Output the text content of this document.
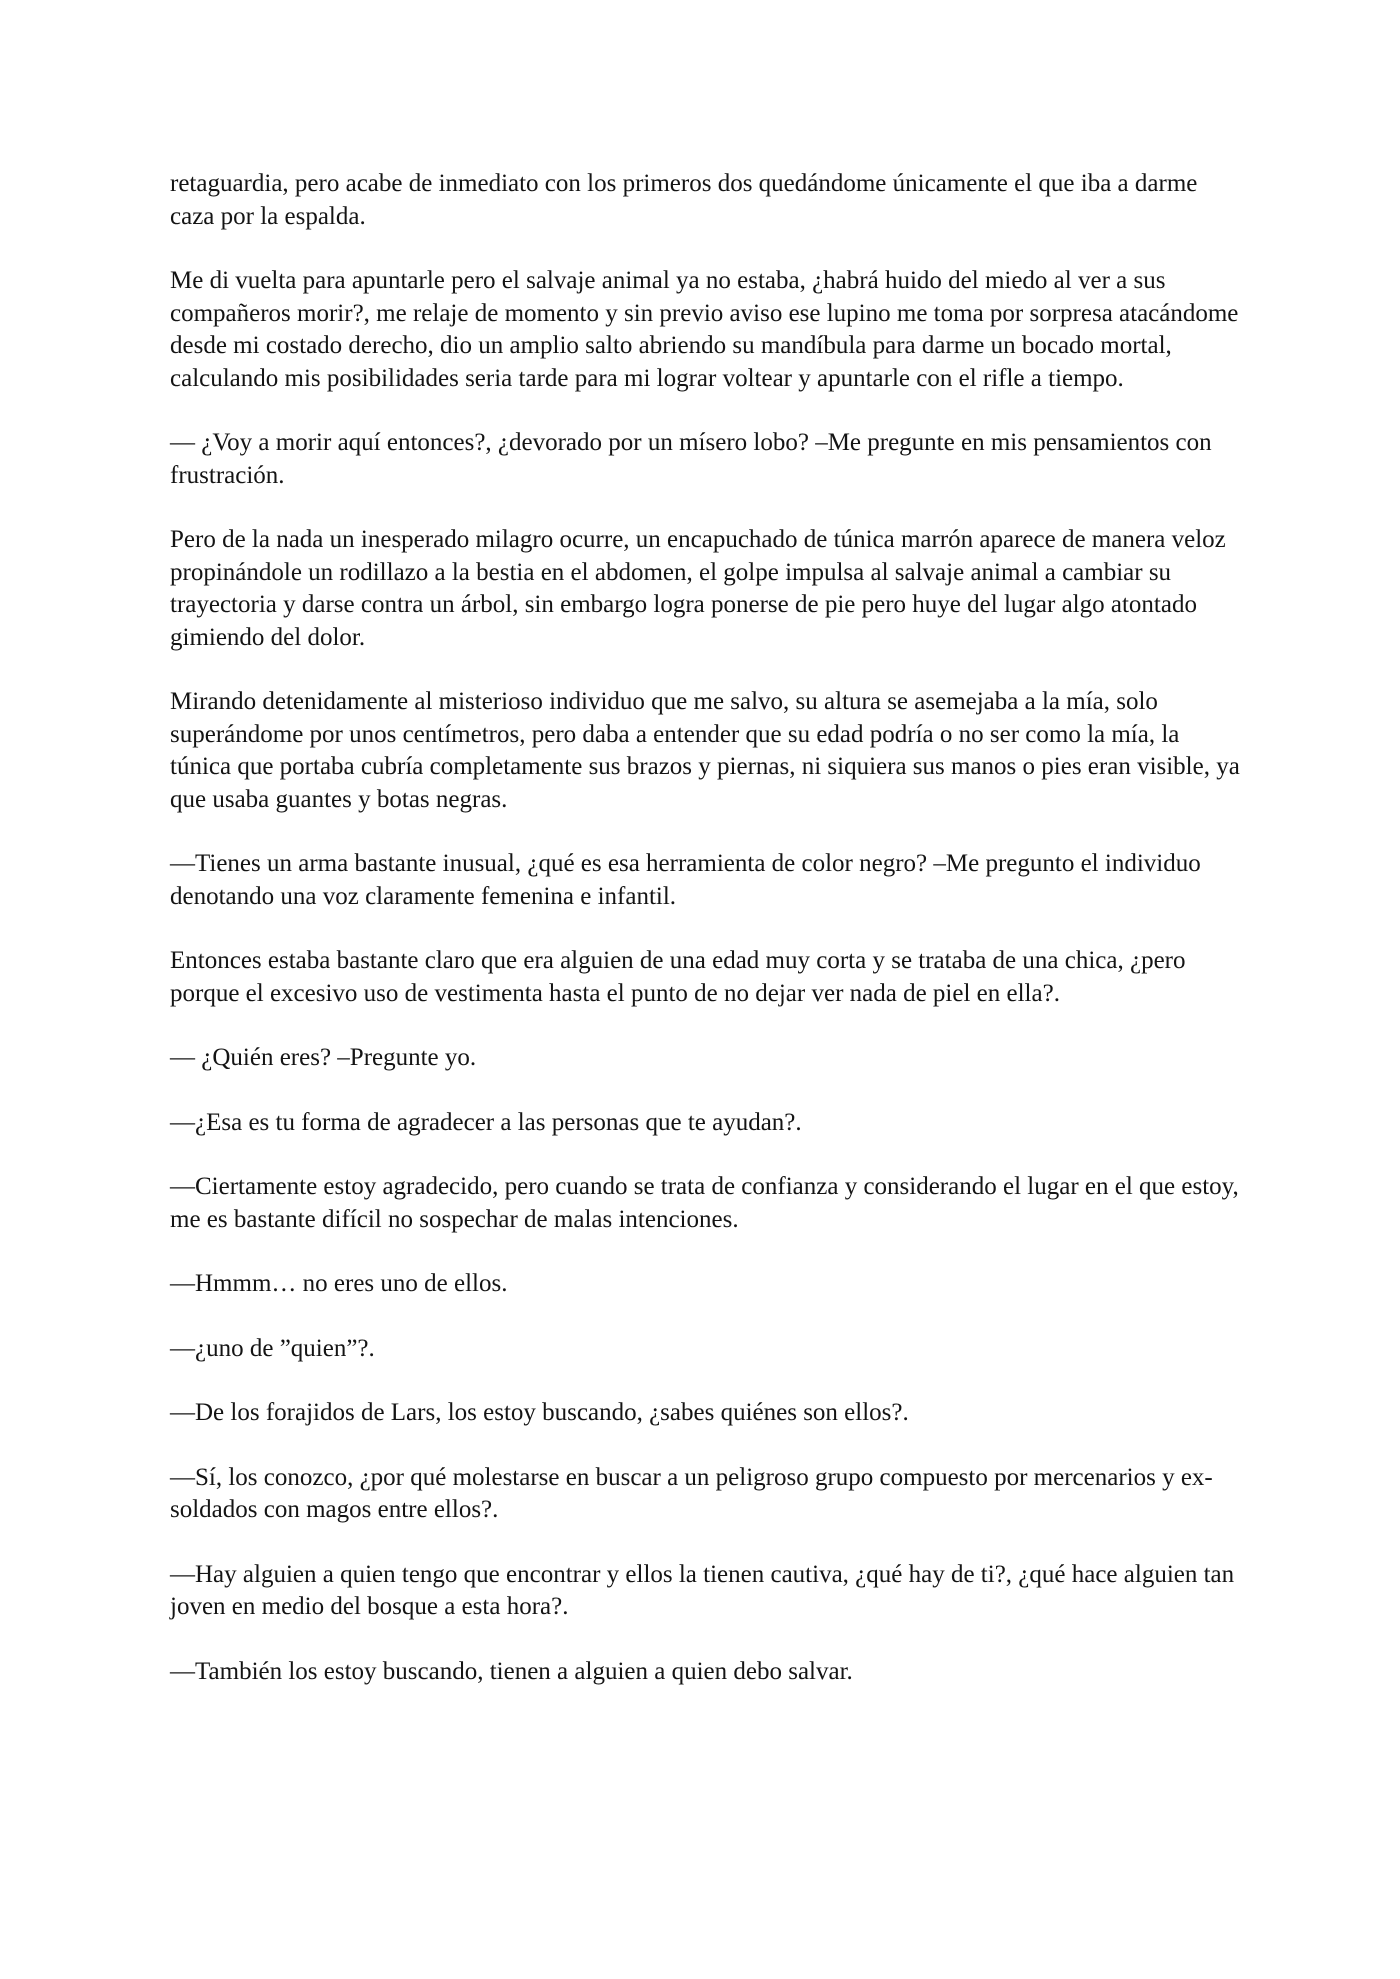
retaguardia, pero acabe de inmediato con los primeros dos quedándome únicamente el que iba a darme caza por la espalda.

Me di vuelta para apuntarle pero el salvaje animal ya no estaba, ¿habrá huido del miedo al ver a sus compañeros morir?, me relaje de momento y sin previo aviso ese lupino me toma por sorpresa atacándome desde mi costado derecho, dio un amplio salto abriendo su mandíbula para darme un bocado mortal, calculando mis posibilidades seria tarde para mi lograr voltear y apuntarle con el rifle a tiempo.

— ¿Voy a morir aquí entonces?, ¿devorado por un mísero lobo? –Me pregunte en mis pensamientos con frustración.

Pero de la nada un inesperado milagro ocurre, un encapuchado de túnica marrón aparece de manera veloz propinándole un rodillazo a la bestia en el abdomen, el golpe impulsa al salvaje animal a cambiar su trayectoria y darse contra un árbol, sin embargo logra ponerse de pie pero huye del lugar algo atontado gimiendo del dolor.

Mirando detenidamente al misterioso individuo que me salvo, su altura se asemejaba a la mía, solo superándome por unos centímetros, pero daba a entender que su edad podría o no ser como la mía, la túnica que portaba cubría completamente sus brazos y piernas, ni siquiera sus manos o pies eran visible, ya que usaba guantes y botas negras.

—Tienes un arma bastante inusual, ¿qué es esa herramienta de color negro? –Me pregunto el individuo denotando una voz claramente femenina e infantil.

Entonces estaba bastante claro que era alguien de una edad muy corta y se trataba de una chica, ¿pero porque el excesivo uso de vestimenta hasta el punto de no dejar ver nada de piel en ella?.

— ¿Quién eres? –Pregunte yo.

—¿Esa es tu forma de agradecer a las personas que te ayudan?.

—Ciertamente estoy agradecido, pero cuando se trata de confianza y considerando el lugar en el que estoy, me es bastante difícil no sospechar de malas intenciones.

—Hmmm… no eres uno de ellos.

—¿uno de ”quien”?.

—De los forajidos de Lars, los estoy buscando, ¿sabes quiénes son ellos?.

—Sí, los conozco, ¿por qué molestarse en buscar a un peligroso grupo compuesto por mercenarios y ex-soldados con magos entre ellos?.

—Hay alguien a quien tengo que encontrar y ellos la tienen cautiva, ¿qué hay de ti?, ¿qué hace alguien tan joven en medio del bosque a esta hora?.

—También los estoy buscando, tienen a alguien a quien debo salvar.
